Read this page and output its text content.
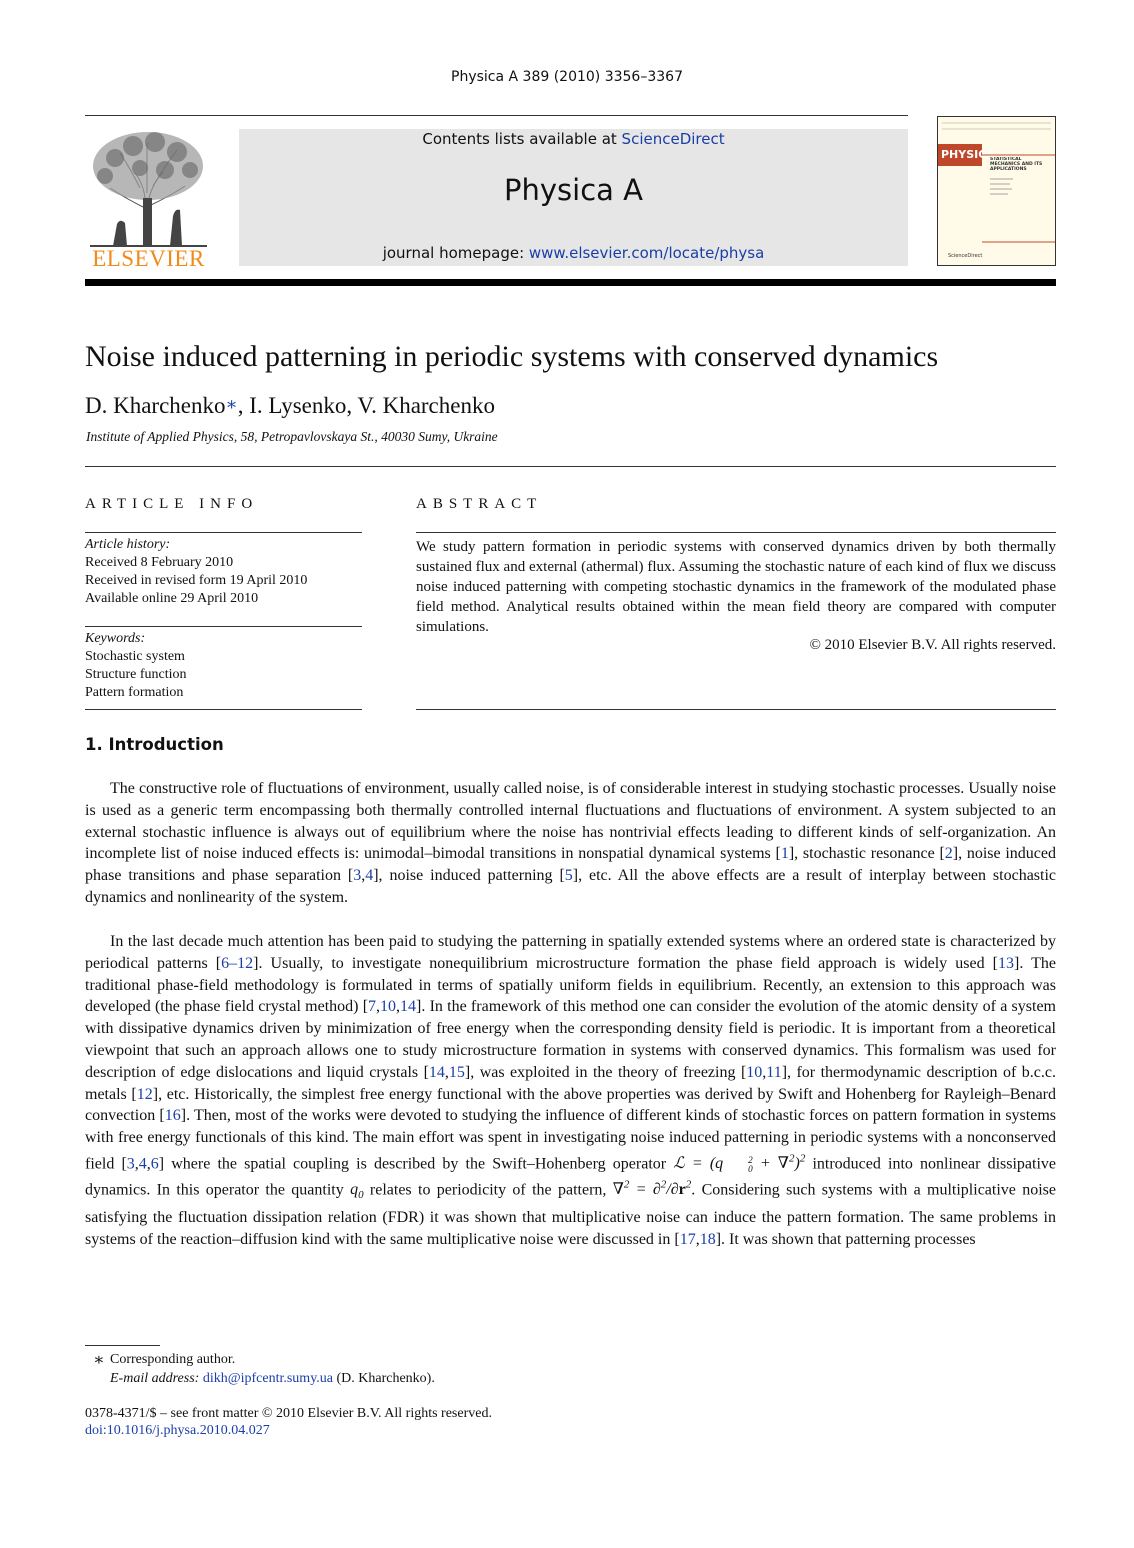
Physica A 389 (2010) 3356–3367
ELSEVIER
Contents lists available at ScienceDirect
Physica A
journal homepage: www.elsevier.com/locate/physa
PHYSICA
STATISTICAL MECHANICS AND ITS APPLICATIONS
ScienceDirect
Noise induced patterning in periodic systems with conserved dynamics
D. Kharchenko∗, I. Lysenko, V. Kharchenko
Institute of Applied Physics, 58, Petropavlovskaya St., 40030 Sumy, Ukraine
ARTICLE INFO	ABSTRACT
Article history:
Received 8 February 2010
Received in revised form 19 April 2010
Available online 29 April 2010
Keywords:
Stochastic system
Structure function
Pattern formation
We study pattern formation in periodic systems with conserved dynamics driven by both thermally sustained flux and external (athermal) flux. Assuming the stochastic nature of each kind of flux we discuss noise induced patterning with competing stochastic dynamics in the framework of the modulated phase field method. Analytical results obtained within the mean field theory are compared with computer simulations.
© 2010 Elsevier B.V. All rights reserved.
1. Introduction
The constructive role of fluctuations of environment, usually called noise, is of considerable interest in studying stochastic processes. Usually noise is used as a generic term encompassing both thermally controlled internal fluctuations and fluctuations of environment. A system subjected to an external stochastic influence is always out of equilibrium where the noise has nontrivial effects leading to different kinds of self-organization. An incomplete list of noise induced effects is: unimodal–bimodal transitions in nonspatial dynamical systems [1], stochastic resonance [2], noise induced phase transitions and phase separation [3,4], noise induced patterning [5], etc. All the above effects are a result of interplay between stochastic dynamics and nonlinearity of the system.
In the last decade much attention has been paid to studying the patterning in spatially extended systems where an ordered state is characterized by periodical patterns [6–12]. Usually, to investigate nonequilibrium microstructure formation the phase field approach is widely used [13]. The traditional phase-field methodology is formulated in terms of spatially uniform fields in equilibrium. Recently, an extension to this approach was developed (the phase field crystal method) [7,10,14]. In the framework of this method one can consider the evolution of the atomic density of a system with dissipative dynamics driven by minimization of free energy when the corresponding density field is periodic. It is important from a theoretical viewpoint that such an approach allows one to study microstructure formation in systems with conserved dynamics. This formalism was used for description of edge dislocations and liquid crystals [14,15], was exploited in the theory of freezing [10,11], for thermodynamic description of b.c.c. metals [12], etc. Historically, the simplest free energy functional with the above properties was derived by Swift and Hohenberg for Rayleigh–Benard convection [16]. Then, most of the works were devoted to studying the influence of different kinds of stochastic forces on pattern formation in systems with free energy functionals of this kind. The main effort was spent in investigating noise induced patterning in periodic systems with a nonconserved field [3,4,6] where the spatial coupling is described by the Swift–Hohenberg operator ℒ = (q	2
0 + ∇$^2$)$^2$ introduced into nonlinear dissipative dynamics. In this operator the quantity $q_0$ relates to periodicity of the pattern, $\nabla^2 = \partial^2/\partial r^2$. Considering such systems with a multiplicative noise satisfying the fluctuation dissipation relation (FDR) it was shown that multiplicative noise can induce the pattern formation. The same problems in systems of the reaction–diffusion kind with the same multiplicative noise were discussed in [17,18]. It was shown that patterning processes
∗ Corresponding author.
E-mail address: dikh@ipfcentr.sumy.ua (D. Kharchenko).
0378-4371/$ – see front matter © 2010 Elsevier B.V. All rights reserved.
doi:10.1016/j.physa.2010.04.027
